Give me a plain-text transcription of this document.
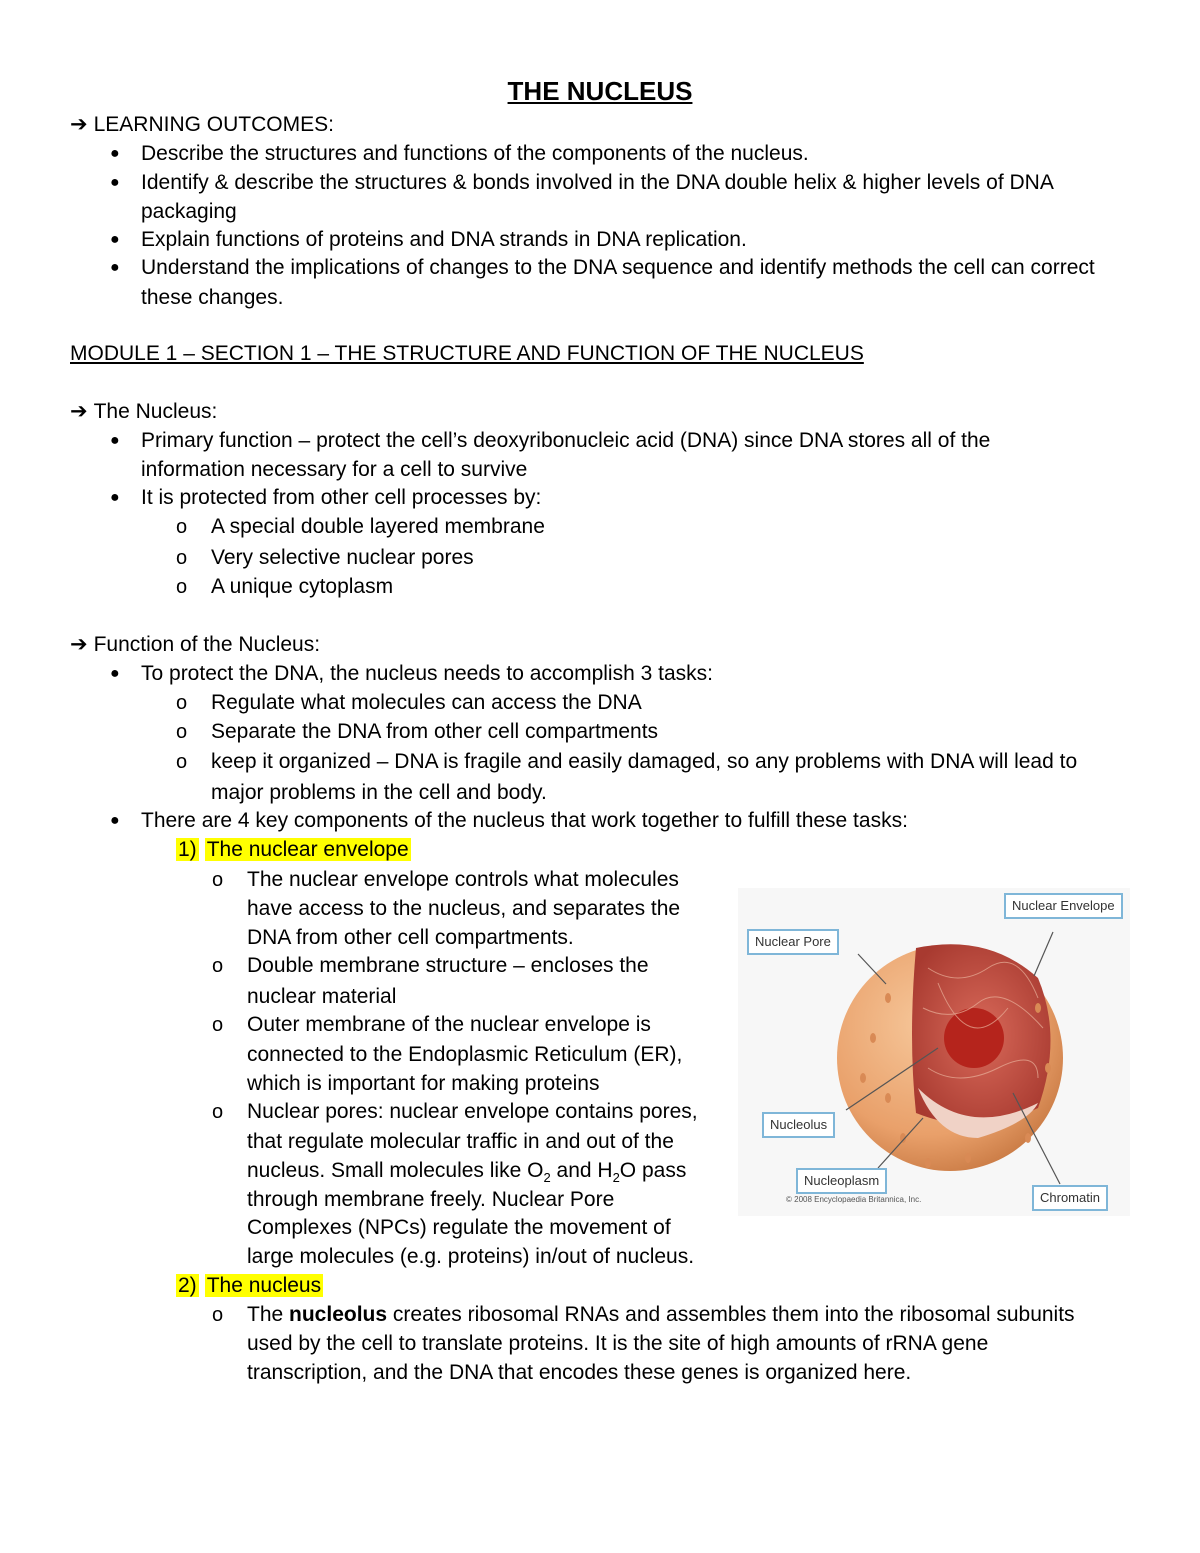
THE NUCLEUS
➔ LEARNING OUTCOMES:
● Describe the structures and functions of the components of the nucleus.
● Identify & describe the structures & bonds involved in the DNA double helix & higher levels of DNA
packaging
● Explain functions of proteins and DNA strands in DNA replication.
● Understand the implications of changes to the DNA sequence and identify methods the cell can correct
these changes.
MODULE 1 – SECTION 1 – THE STRUCTURE AND FUNCTION OF THE NUCLEUS
➔ The Nucleus:
● Primary function – protect the cell’s deoxyribonucleic acid (DNA) since DNA stores all of the
information necessary for a cell to survive
● It is protected from other cell processes by:
o A special double layered membrane
o Very selective nuclear pores
o A unique cytoplasm
➔ Function of the Nucleus:
● To protect the DNA, the nucleus needs to accomplish 3 tasks:
o Regulate what molecules can access the DNA
o Separate the DNA from other cell compartments
o keep it organized – DNA is fragile and easily damaged, so any problems with DNA will lead to
major problems in the cell and body.
● There are 4 key components of the nucleus that work together to fulfill these tasks:
1) The nuclear envelope
o The nuclear envelope controls what molecules
have access to the nucleus, and separates the
DNA from other cell compartments.
o Double membrane structure – encloses the
nuclear material
o Outer membrane of the nuclear envelope is
connected to the Endoplasmic Reticulum (ER),
which is important for making proteins
o Nuclear pores: nuclear envelope contains pores,
that regulate molecular traffic in and out of the
nucleus. Small molecules like $O_2$ and $H_2O$ pass
through membrane freely. Nuclear Pore
Complexes (NPCs) regulate the movement of
large molecules (e.g. proteins) in/out of nucleus.
2) The nucleus
o The nucleolus creates ribosomal RNAs and assembles them into the ribosomal subunits
used by the cell to translate proteins. It is the site of high amounts of rRNA gene
transcription, and the DNA that encodes these genes is organized here.
Nuclear Envelope
Nuclear Pore
Nucleolus
Nucleoplasm
Chromatin
© 2008 Encyclopaedia Britannica, Inc.
